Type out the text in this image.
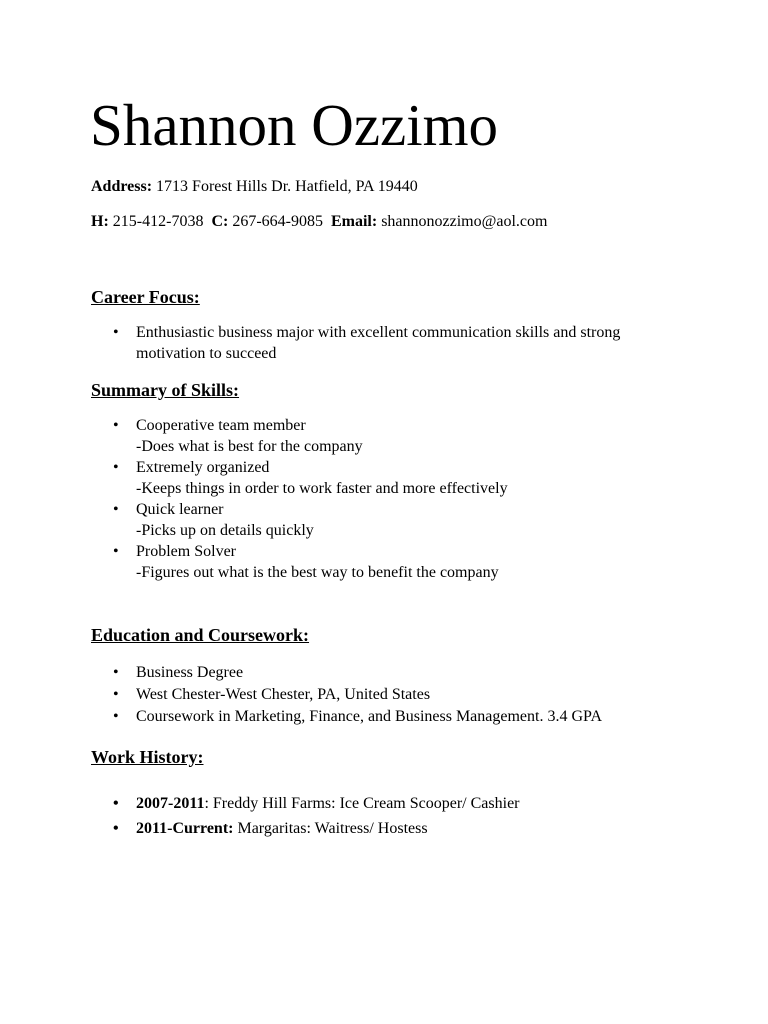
Shannon Ozzimo
Address: 1713 Forest Hills Dr. Hatfield, PA 19440
H: 215-412-7038 C: 267-664-9085 Email: shannonozzimo@aol.com
Career Focus:
• Enthusiastic business major with excellent communication skills and strong
motivation to succeed
Summary of Skills:
• Cooperative team member
-Does what is best for the company
• Extremely organized
-Keeps things in order to work faster and more effectively
• Quick learner
-Picks up on details quickly
• Problem Solver
-Figures out what is the best way to benefit the company
Education and Coursework:
• Business Degree
• West Chester-West Chester, PA, United States
• Coursework in Marketing, Finance, and Business Management. 3.4 GPA
Work History:
• 2007-2011: Freddy Hill Farms: Ice Cream Scooper/ Cashier
• 2011-Current: Margaritas: Waitress/ Hostess
